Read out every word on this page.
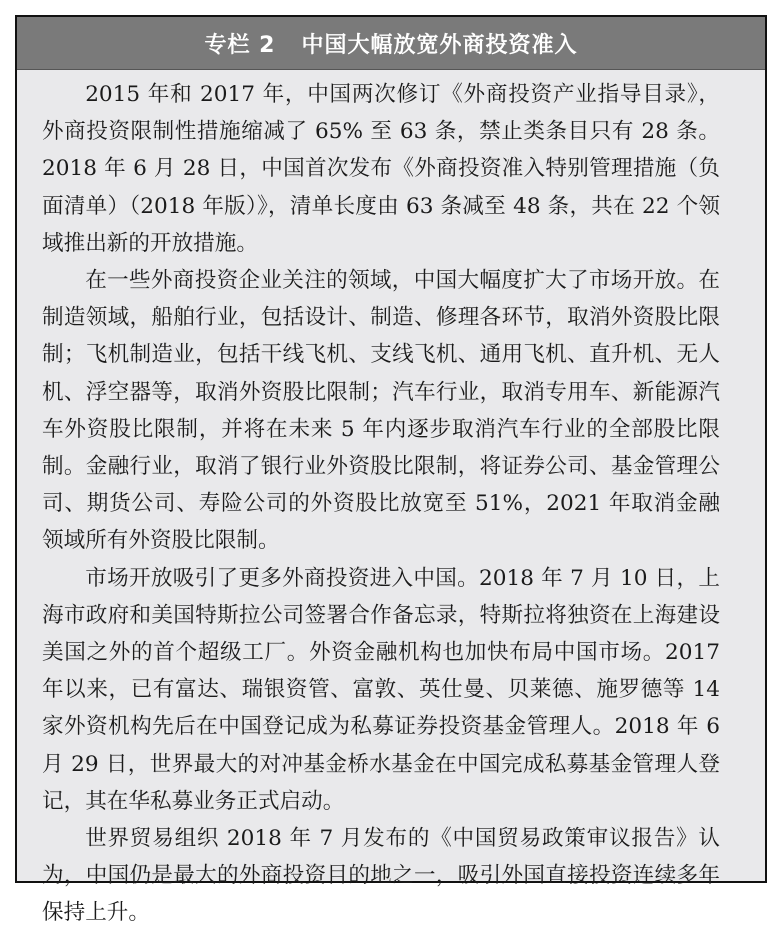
专栏 2 中国大幅放宽外商投资准入

2015 年和 2017 年，中国两次修订《外商投资产业指导目录》，外商投资限制性措施缩减了 65% 至 63 条，禁止类条目只有 28 条。2018 年 6 月 28 日，中国首次发布《外商投资准入特别管理措施（负面清单）（2018 年版）》，清单长度由 63 条减至 48 条，共在 22 个领域推出新的开放措施。

在一些外商投资企业关注的领域，中国大幅度扩大了市场开放。在制造领域，船舶行业，包括设计、制造、修理各环节，取消外资股比限制；飞机制造业，包括干线飞机、支线飞机、通用飞机、直升机、无人机、浮空器等，取消外资股比限制；汽车行业，取消专用车、新能源汽车外资股比限制，并将在未来 5 年内逐步取消汽车行业的全部股比限制。金融行业，取消了银行业外资股比限制，将证券公司、基金管理公司、期货公司、寿险公司的外资股比放宽至 51%，2021 年取消金融领域所有外资股比限制。

市场开放吸引了更多外商投资进入中国。2018 年 7 月 10 日，上海市政府和美国特斯拉公司签署合作备忘录，特斯拉将独资在上海建设美国之外的首个超级工厂。外资金融机构也加快布局中国市场。2017 年以来，已有富达、瑞银资管、富敦、英仕曼、贝莱德、施罗德等 14 家外资机构先后在中国登记成为私募证券投资基金管理人。2018 年 6 月 29 日，世界最大的对冲基金桥水基金在中国完成私募基金管理人登记，其在华私募业务正式启动。

世界贸易组织 2018 年 7 月发布的《中国贸易政策审议报告》认为，中国仍是最大的外商投资目的地之一，吸引外国直接投资连续多年保持上升。
